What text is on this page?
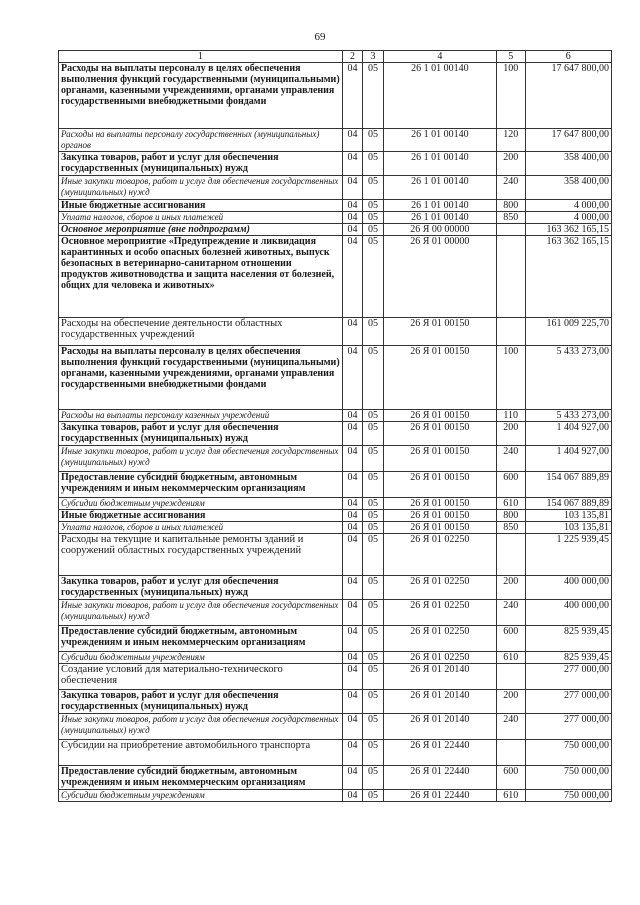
69
1	2	3	4	5	6
Расходы на выплаты персоналу в целях обеспечения выполнения функций государственными (муниципальными) органами, казенными учреждениями, органами управления государственными внебюджетными фондами	04	05	26 1 01 00140	100	17 647 800,00
Расходы на выплаты персоналу государственных (муниципальных) органов	04	05	26 1 01 00140	120	17 647 800,00
Закупка товаров, работ и услуг для обеспечения государственных (муниципальных) нужд	04	05	26 1 01 00140	200	358 400,00
Иные закупки товаров, работ и услуг для обеспечения государственных (муниципальных) нужд	04	05	26 1 01 00140	240	358 400,00
Иные бюджетные ассигнования	04	05	26 1 01 00140	800	4 000,00
Уплата налогов, сборов и иных платежей	04	05	26 1 01 00140	850	4 000,00
Основное мероприятие (вне подпрограмм)	04	05	26 Я 00 00000		163 362 165,15
Основное мероприятие «Предупреждение и ликвидация карантинных и особо опасных болезней животных, выпуск безопасных в ветеринарно-санитарном отношении продуктов животноводства и защита населения от болезней, общих для человека и животных»	04	05	26 Я 01 00000		163 362 165,15
Расходы на обеспечение деятельности областных государственных учреждений	04	05	26 Я 01 00150		161 009 225,70
Расходы на выплаты персоналу в целях обеспечения выполнения функций государственными (муниципальными) органами, казенными учреждениями, органами управления государственными внебюджетными фондами	04	05	26 Я 01 00150	100	5 433 273,00
Расходы на выплаты персоналу казенных учреждений	04	05	26 Я 01 00150	110	5 433 273,00
Закупка товаров, работ и услуг для обеспечения государственных (муниципальных) нужд	04	05	26 Я 01 00150	200	1 404 927,00
Иные закупки товаров, работ и услуг для обеспечения государственных (муниципальных) нужд	04	05	26 Я 01 00150	240	1 404 927,00
Предоставление субсидий бюджетным, автономным учреждениям и иным некоммерческим организациям	04	05	26 Я 01 00150	600	154 067 889,89
Субсидии бюджетным учреждениям	04	05	26 Я 01 00150	610	154 067 889,89
Иные бюджетные ассигнования	04	05	26 Я 01 00150	800	103 135,81
Уплата налогов, сборов и иных платежей	04	05	26 Я 01 00150	850	103 135,81
Расходы на текущие и капитальные ремонты зданий и сооружений областных государственных учреждений	04	05	26 Я 01 02250		1 225 939,45
Закупка товаров, работ и услуг для обеспечения государственных (муниципальных) нужд	04	05	26 Я 01 02250	200	400 000,00
Иные закупки товаров, работ и услуг для обеспечения государственных (муниципальных) нужд	04	05	26 Я 01 02250	240	400 000,00
Предоставление субсидий бюджетным, автономным учреждениям и иным некоммерческим организациям	04	05	26 Я 01 02250	600	825 939,45
Субсидии бюджетным учреждениям	04	05	26 Я 01 02250	610	825 939,45
Создание условий для материально-технического обеспечения	04	05	26 Я 01 20140		277 000,00
Закупка товаров, работ и услуг для обеспечения государственных (муниципальных) нужд	04	05	26 Я 01 20140	200	277 000,00
Иные закупки товаров, работ и услуг для обеспечения государственных (муниципальных) нужд	04	05	26 Я 01 20140	240	277 000,00
Субсидии на приобретение автомобильного транспорта	04	05	26 Я 01 22440		750 000,00
Предоставление субсидий бюджетным, автономным учреждениям и иным некоммерческим организациям	04	05	26 Я 01 22440	600	750 000,00
Субсидии бюджетным учреждениям	04	05	26 Я 01 22440	610	750 000,00
